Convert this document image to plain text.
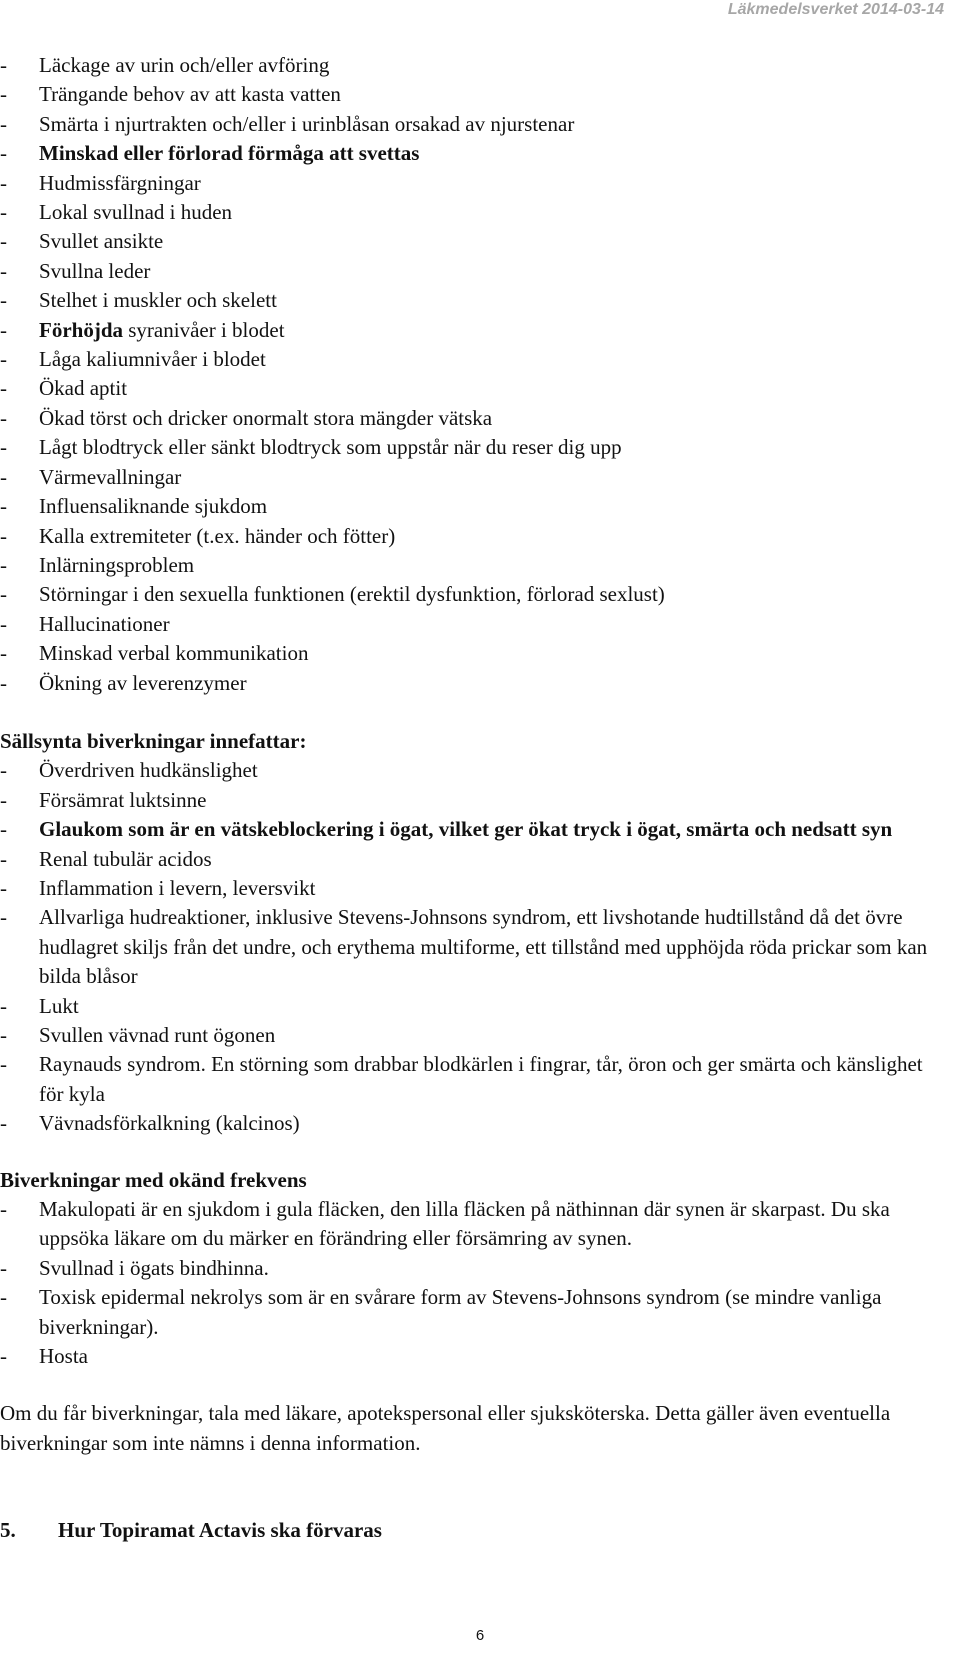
Läkmedelsverket 2014-03-14
-	Läckage av urin och/eller avföring
-	Trängande behov av att kasta vatten
-	Smärta i njurtrakten och/eller i urinblåsan orsakad av njurstenar
-	Minskad eller förlorad förmåga att svettas
-	Hudmissfärgningar
-	Lokal svullnad i huden
-	Svullet ansikte
-	Svullna leder
-	Stelhet i muskler och skelett
-	Förhöjda syranivåer i blodet
-	Låga kaliumnivåer i blodet
-	Ökad aptit
-	Ökad törst och dricker onormalt stora mängder vätska
-	Lågt blodtryck eller sänkt blodtryck som uppstår när du reser dig upp
-	Värmevallningar
-	Influensaliknande sjukdom
-	Kalla extremiteter (t.ex. händer och fötter)
-	Inlärningsproblem
-	Störningar i den sexuella funktionen (erektil dysfunktion, förlorad sexlust)
-	Hallucinationer
-	Minskad verbal kommunikation
-	Ökning av leverenzymer

Sällsynta biverkningar innefattar:

-	Överdriven hudkänslighet
-	Försämrat luktsinne
-	Glaukom som är en vätskeblockering i ögat, vilket ger ökat tryck i ögat, smärta och nedsatt syn
-	Renal tubulär acidos
-	Inflammation i levern, leversvikt
-	Allvarliga hudreaktioner, inklusive Stevens-Johnsons syndrom, ett livshotande hudtillstånd då det övre hudlagret skiljs från det undre, och erythema multiforme, ett tillstånd med upphöjda röda prickar som kan bilda blåsor
-	Lukt
-	Svullen vävnad runt ögonen
-	Raynauds syndrom. En störning som drabbar blodkärlen i fingrar, tår, öron och ger smärta och känslighet för kyla
-	Vävnadsförkalkning (kalcinos)

Biverkningar med okänd frekvens

-	Makulopati är en sjukdom i gula fläcken, den lilla fläcken på näthinnan där synen är skarpast. Du ska uppsöka läkare om du märker en förändring eller försämring av synen.
-	Svullnad i ögats bindhinna.
-	Toxisk epidermal nekrolys som är en svårare form av Stevens-Johnsons syndrom (se mindre vanliga biverkningar).
-	Hosta

Om du får biverkningar, tala med läkare, apotekspersonal eller sjuksköterska. Detta gäller även eventuella biverkningar som inte nämns i denna information.

5.	Hur Topiramat Actavis ska förvaras
6
